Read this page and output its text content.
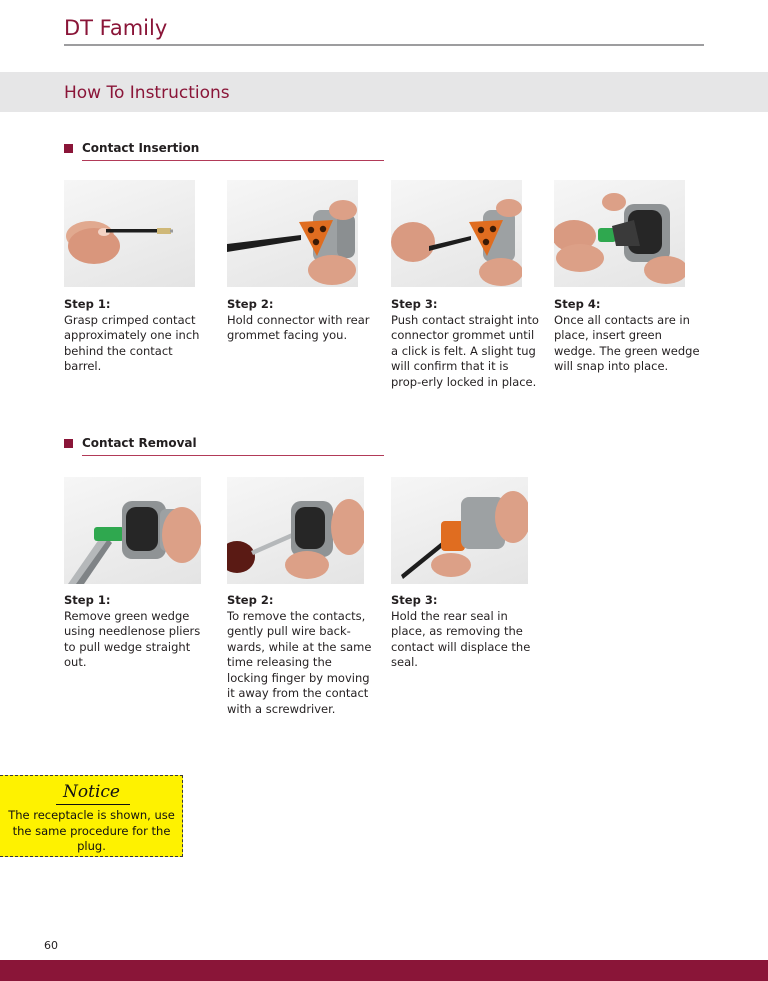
DT Family
How To Instructions
Contact Insertion
Step 1:
Grasp crimped contact approximately one inch behind the contact barrel.
Step 2:
Hold connector with rear grommet facing you.
Step 3:
Push contact straight into connector grommet until a click is felt. A slight tug will confirm that it is prop-erly locked in place.
Step 4:
Once all contacts are in place, insert green wedge. The green wedge will snap into place.
Contact Removal
Step 1:
Remove green wedge using needlenose pliers to pull wedge straight out.
Step 2:
To remove the contacts, gently pull wire back-wards, while at the same time releasing the locking finger by moving it away from the contact with a screwdriver.
Step 3:
Hold the rear seal in place, as removing the contact will displace the seal.
Notice
The receptacle is shown, use the same procedure for the plug.
60
